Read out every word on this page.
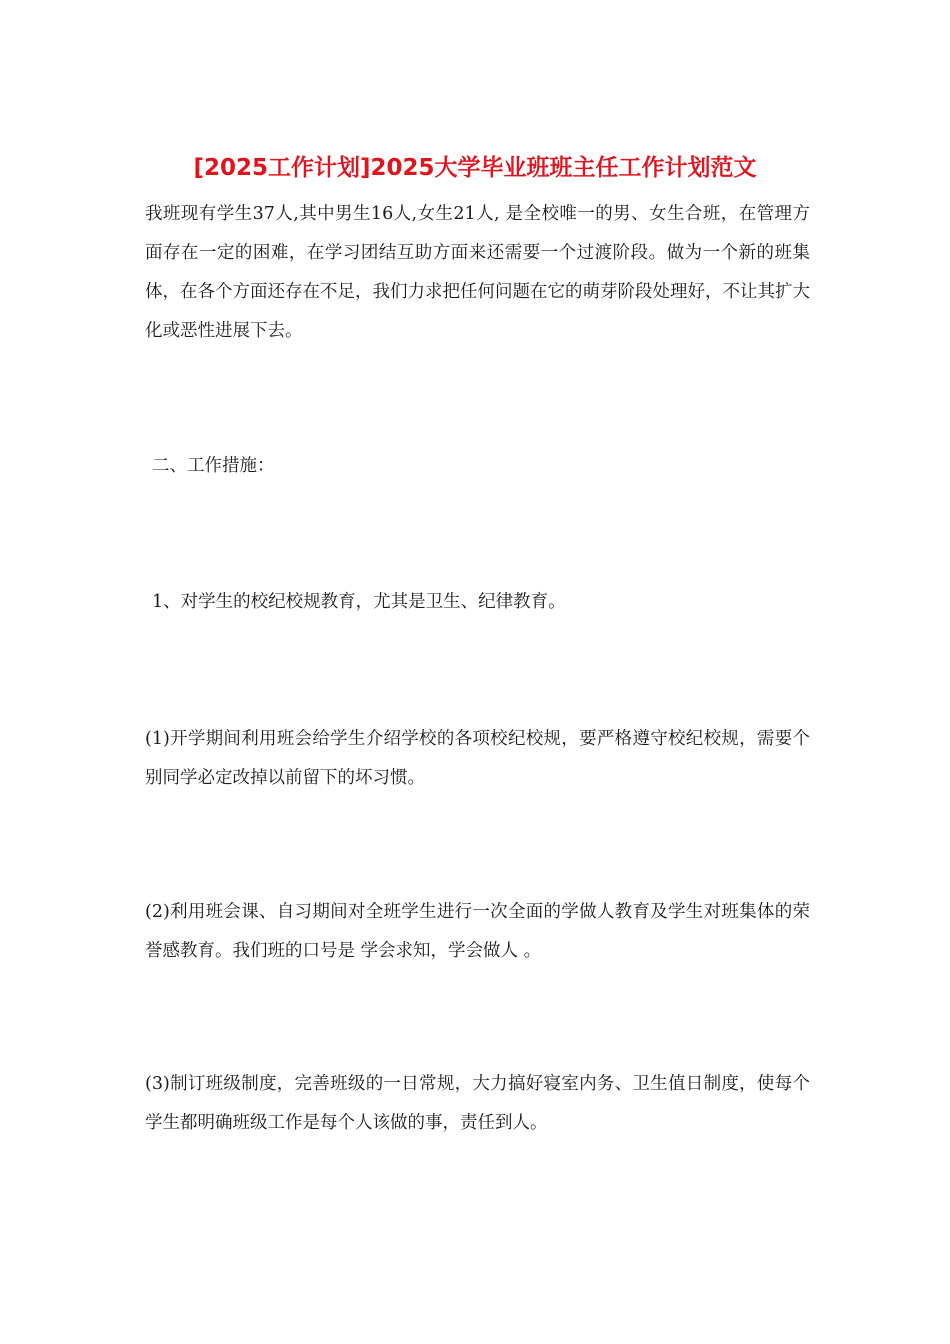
[2025工作计划]2025大学毕业班班主任工作计划范文

我班现有学生37人,其中男生16人,女生21人, 是全校唯一的男、女生合班，在管理方面存在一定的困难，在学习团结互助方面来还需要一个过渡阶段。做为一个新的班集体，在各个方面还存在不足，我们力求把任何问题在它的萌芽阶段处理好，不让其扩大化或恶性进展下去。

二、工作措施：

1、对学生的校纪校规教育，尤其是卫生、纪律教育。

(1)开学期间利用班会给学生介绍学校的各项校纪校规，要严格遵守校纪校规，需要个别同学必定改掉以前留下的坏习惯。

(2)利用班会课、自习期间对全班学生进行一次全面的学做人教育及学生对班集体的荣誉感教育。我们班的口号是 学会求知，学会做人 。

(3)制订班级制度，完善班级的一日常规，大力搞好寝室内务、卫生值日制度，使每个学生都明确班级工作是每个人该做的事，责任到人。
